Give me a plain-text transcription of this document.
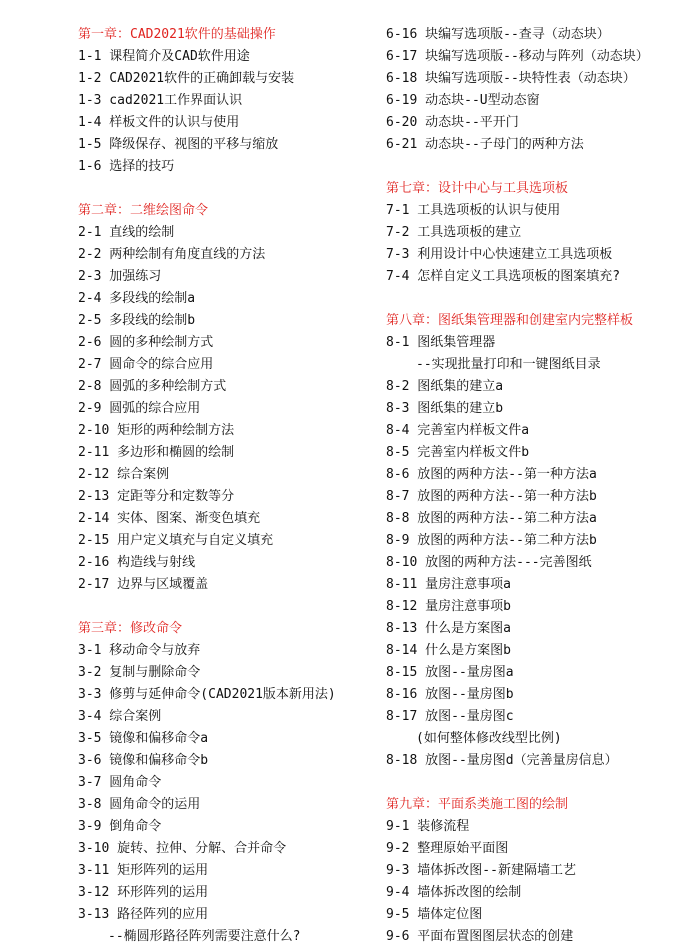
第一章：CAD2021软件的基础操作
1-1 课程简介及CAD软件用途
1-2 CAD2021软件的正确卸载与安装
1-3 cad2021工作界面认识
1-4 样板文件的认识与使用
1-5 降级保存、视图的平移与缩放
1-6 选择的技巧
第二章：二维绘图命令
2-1 直线的绘制
2-2 两种绘制有角度直线的方法
2-3 加强练习
2-4 多段线的绘制a
2-5 多段线的绘制b
2-6 圆的多种绘制方式
2-7 圆命令的综合应用
2-8 圆弧的多种绘制方式
2-9 圆弧的综合应用
2-10 矩形的两种绘制方法
2-11 多边形和椭圆的绘制
2-12 综合案例
2-13 定距等分和定数等分
2-14 实体、图案、渐变色填充
2-15 用户定义填充与自定义填充
2-16 构造线与射线
2-17 边界与区域覆盖
第三章：修改命令
3-1 移动命令与放弃
3-2 复制与删除命令
3-3 修剪与延伸命令(CAD2021版本新用法)
3-4 综合案例
3-5 镜像和偏移命令a
3-6 镜像和偏移命令b
3-7 圆角命令
3-8 圆角命令的运用
3-9 倒角命令
3-10 旋转、拉伸、分解、合并命令
3-11 矩形阵列的运用
3-12 环形阵列的运用
3-13 路径阵列的应用
--椭圆形路径阵列需要注意什么?
6-16 块编写选项版--查寻（动态块）
6-17 块编写选项版--移动与阵列（动态块）
6-18 块编写选项版--块特性表（动态块）
6-19 动态块--U型动态窗
6-20 动态块--平开门
6-21 动态块--子母门的两种方法
第七章：设计中心与工具选项板
7-1 工具选项板的认识与使用
7-2 工具选项板的建立
7-3 利用设计中心快速建立工具选项板
7-4 怎样自定义工具选项板的图案填充?
第八章：图纸集管理器和创建室内完整样板
8-1 图纸集管理器
--实现批量打印和一键图纸目录
8-2 图纸集的建立a
8-3 图纸集的建立b
8-4 完善室内样板文件a
8-5 完善室内样板文件b
8-6 放图的两种方法--第一种方法a
8-7 放图的两种方法--第一种方法b
8-8 放图的两种方法--第二种方法a
8-9 放图的两种方法--第二种方法b
8-10 放图的两种方法---完善图纸
8-11 量房注意事项a
8-12 量房注意事项b
8-13 什么是方案图a
8-14 什么是方案图b
8-15 放图--量房图a
8-16 放图--量房图b
8-17 放图--量房图c
(如何整体修改线型比例)
8-18 放图--量房图d（完善量房信息）
第九章：平面系类施工图的绘制
9-1 装修流程
9-2 整理原始平面图
9-3 墙体拆改图--新建隔墙工艺
9-4 墙体拆改图的绘制
9-5 墙体定位图
9-6 平面布置图图层状态的创建
